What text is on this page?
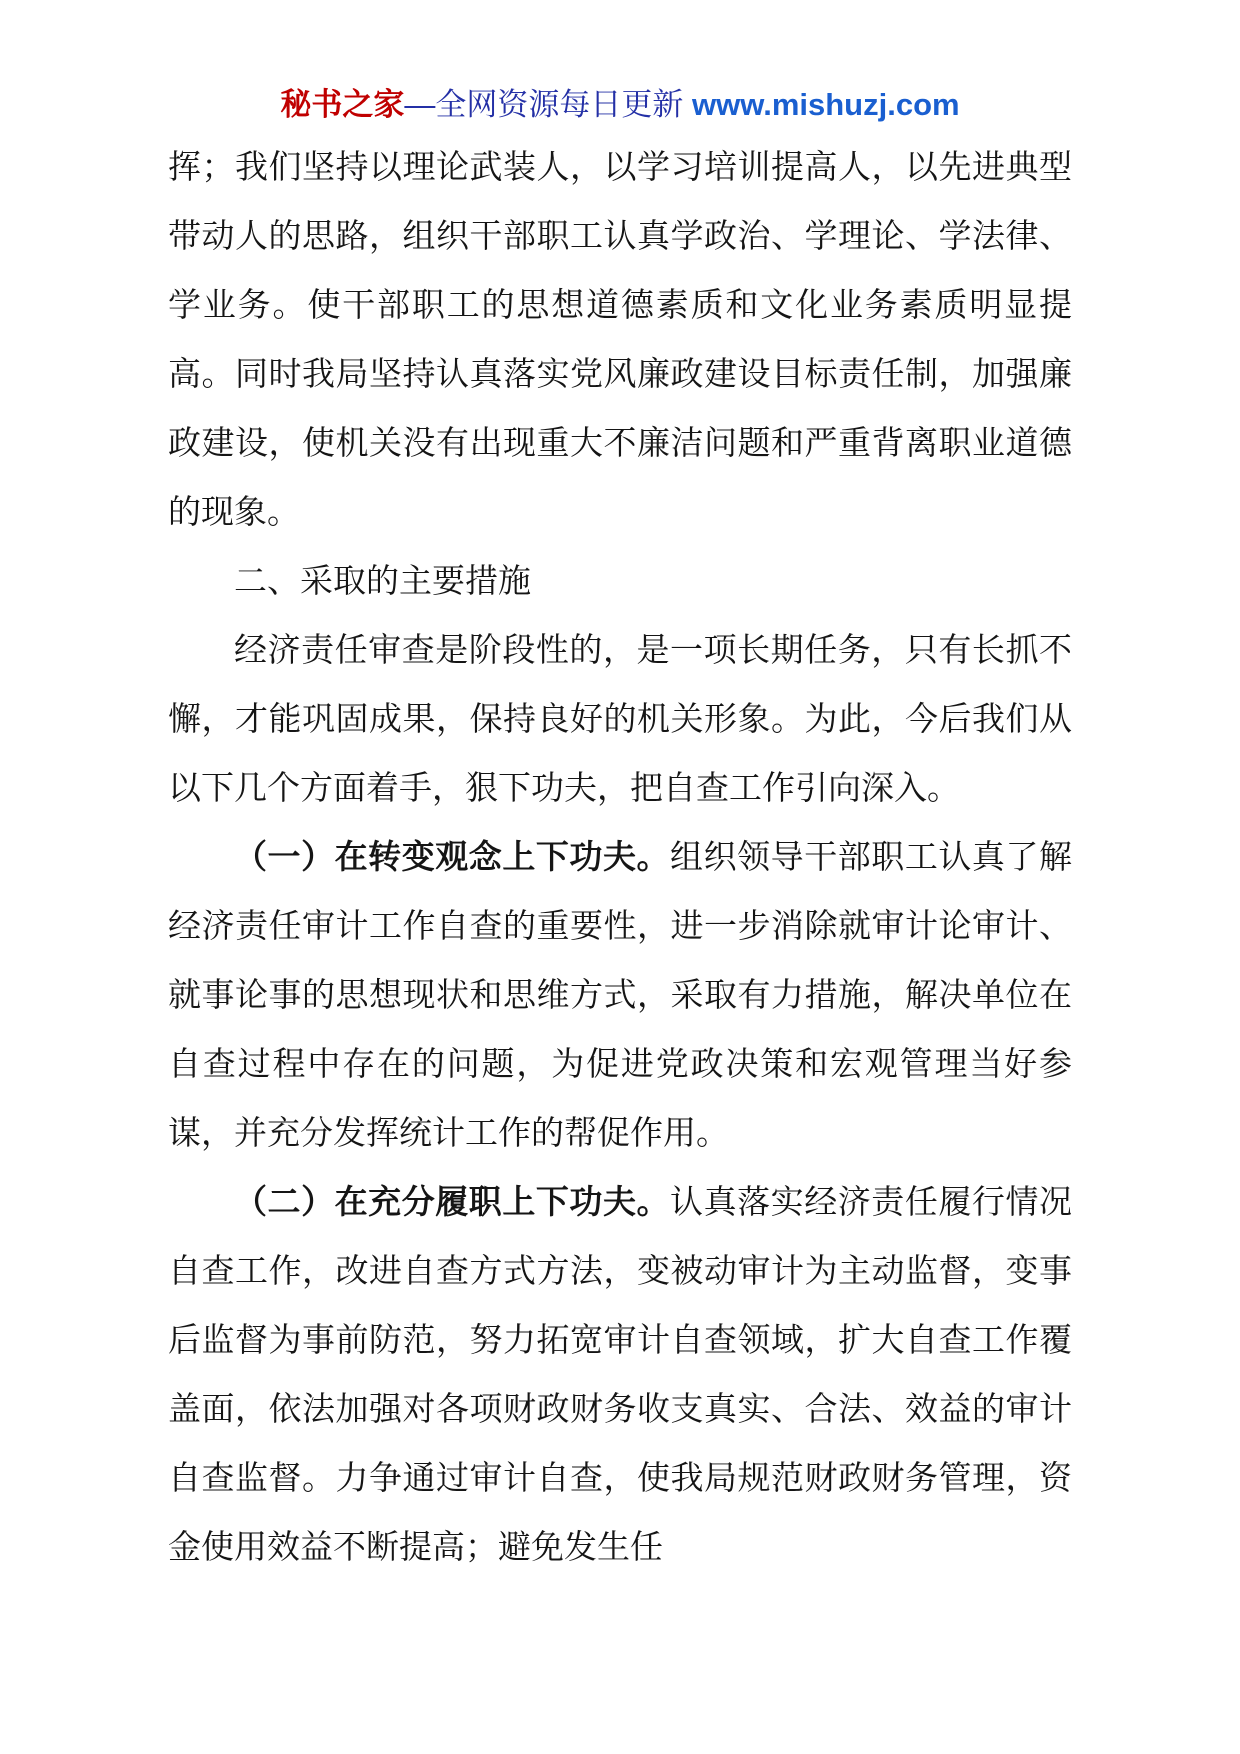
秘书之家—全网资源每日更新 www.mishuzj.com

挥；我们坚持以理论武装人，以学习培训提高人，以先进典型带动人的思路，组织干部职工认真学政治、学理论、学法律、学业务。使干部职工的思想道德素质和文化业务素质明显提高。同时我局坚持认真落实党风廉政建设目标责任制，加强廉政建设，使机关没有出现重大不廉洁问题和严重背离职业道德的现象。

二、采取的主要措施

经济责任审查是阶段性的，是一项长期任务，只有长抓不懈，才能巩固成果，保持良好的机关形象。为此，今后我们从以下几个方面着手，狠下功夫，把自查工作引向深入。

（一）在转变观念上下功夫。组织领导干部职工认真了解经济责任审计工作自查的重要性，进一步消除就审计论审计、就事论事的思想现状和思维方式，采取有力措施，解决单位在自查过程中存在的问题，为促进党政决策和宏观管理当好参谋，并充分发挥统计工作的帮促作用。

（二）在充分履职上下功夫。认真落实经济责任履行情况自查工作，改进自查方式方法，变被动审计为主动监督，变事后监督为事前防范，努力拓宽审计自查领域，扩大自查工作覆盖面，依法加强对各项财政财务收支真实、合法、效益的审计自查监督。力争通过审计自查，使我局规范财政财务管理，资金使用效益不断提高；避免发生任
